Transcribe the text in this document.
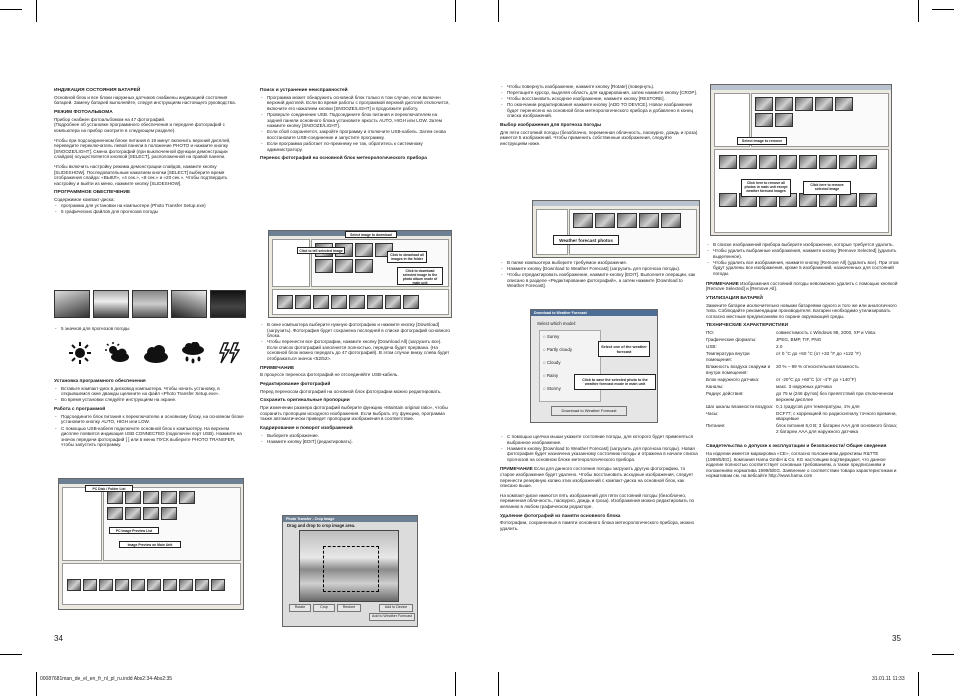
ИНДИКАЦИЯ СОСТОЯНИЯ БАТАРЕЙ

Основной блок и все блоки наружных датчиков снабжены индикацией состояния батарей. Замену батарей выполняйте, следуя инструкциям настоящего руководства.

РЕЖИМ ФОТОАЛЬБОМА

Прибор снабжен фотоальбомом на 47 фотографий.
(Подробнее об установке программного обеспечения и передаче фотографий с компьютера на прибор смотрите в следующем разделе).

Чтобы при подсоединенном блоке питания в 19 минут включить верхний дисплей, переведите переключатель левой панели в положение PHOTO и нажмите кнопку [SNOOZE/LIGHT]. Смена фотографий (при выключенной функции демонстрации слайдов) осуществляется кнопкой [SELECT], расположенной на правой панели.

Чтобы включить настройку режима демонстрации слайдов, нажмите кнопку [SLIDESHOW]. Последовательным нажатием кнопки [SELECT] выберите время отображения слайда: «ВЫКЛ», «4 сек.», «8 сек.» и «20 сек.». Чтобы подтвердить настройку и выйти из меню, нажмите кнопку [SLIDESHOW].

ПРОГРАММНОЕ ОБЕСПЕЧЕНИЕ

Содержимое компакт-диска:

- программа для установки на компьютере (Photo Transfer Setup.exe)
- 5 графических файлов для прогнозов погоды
- 5 значков для прогнозов погоды
Установка программного обеспечения
- Вставьте компакт-диск в дисковод компьютера. Чтобы начать установку, в открывшемся окне дважды щелкните на файл «Photo Transfer Setup.exe».
- Во время установки следуйте инструкциям на экране.
Работа с программой
- Подсоедините блок питания к переключателю и основному блоку, на основном блоке установите кнопку AUTO, HIGH или LOW.
- С помощью USB-кабеля подключите основной блок к компьютеру. На верхнем дисплее появится индикация USB CONNECTED (подключен порт USB). Нажмите на значок передачи фотографий [ ] или в меню ПУСК выберите PHOTO TRANSFER, чтобы запустить программу.
PC Disk / Folder List
PC Image Preview List
Image Preview on Main Unit
Поиск и устранение неисправностей
- Программа может обнаружить основной блок только в том случае, если включен верхний дисплей. Если во время работы с программой верхний дисплей отключится, включите его нажатием кнопки [SNOOZE/LIGHT] и продолжите работу.
- Проверьте соединение USB. Подсоедините блок питания и переключателем на задней панели основного блока установите яркость AUTO, HIGH или LOW. Затем нажмите кнопку [SNOOZE/LIGHT].
- Если сбой сохраняется, закройте программу и отключите USB-кабель. Затем снова восстановите USB-соединение и запустите программу.
- Если программа работает по-прежнему не так, обратитесь к системному администратору.
Перенос фотографий на основной блок метеорологического прибора
Select image to download
Click to download all images in the folder
Click to tell selected image
Click to download selected image to the photo album mode of main unit
- В окне компьютера выберите нужную фотографию и нажмите кнопку [Download] (загрузить). Фотография будет сохранена последней в списке фотографий основного блока.
- Чтобы перенести все фотографии, нажмите кнопку [Download All] (загрузить все). Если список фотографий заполнится полностью, передача будет прервана. (На основной блок можно передать до 47 фотографий). В этом случае внизу слева будет отображаться значок <52/52>.
ПРИМЕЧАНИЕ

В процессе переноса фотографий не отсоединяйте USB-кабель.

Редактирование фотографий

Перед переносом фотографий на основной блок фотографии можно редактировать.

Сохранить оригинальные пропорции

При изменении размера фотографий выберите функцию «Maintain original ratio», чтобы сохранить пропорции исходного изображения. Если выбрать эту функцию, программа также автоматически приведет пропорции изображения в соответствие.

Кадрирование и поворот изображений
- Выберите изображение.
- Нажмите кнопку [EDIT] (редактировать).
Photo Transfer - Crop Image
Drag and drop to crop image area.
Rotate	Crop	Restore	Add to Device
Add to Weather Forecast
34
- Чтобы повернуть изображение, нажмите кнопку [Rotate] (повернуть).
- Перетащите курсор, выделяя область для кадрирования, затем нажмите кнопку [CROP].
- Чтобы восстановить исходное изображение, нажмите кнопку [RESTORE].
- По окончании редактирования нажмите кнопку [ADD TO DEVICE]. Новое изображение будет перенесено на основной блок метеорологического прибора и добавлено в конец списка изображений.
Выбор изображения для прогноза погоды

Для пяти состояний погоды (безоблачно, переменная облачность, пасмурно, дождь и гроза) имеется 5 изображений. Чтобы применить собственные изображения, следуйте инструкциям ниже.

Weather forecast photos
- В папке компьютера выберите требуемое изображение.
- Нажмите кнопку [Download to Weather Forecast] (загрузить для прогноза погоды).
- Чтобы отредактировать изображение, нажмите кнопку [EDIT]. Выполните операции, как описано в разделе «Редактирование фотографий», а затем нажмите [Download to Weather Forecast].
Download to Weather Forecast
Select which model:
○ Sunny
○ Partly cloudy
○ Cloudy
○ Rainy
○ Stormy
Download to Weather Forecast
Select one of the weather forecast
Click to save the selected photo to the weather forecast mode in main unit
- С помощью щелчка мыши укажите состояние погоды, для которого будет применяться выбранное изображение.
- Нажмите кнопку [Download to Weather Forecast] (загрузить для прогноза погоды). Новая фотография будет назначена указанному состоянию погоды и отражена в начале списка прогнозов на основном блоке метеорологического прибора.

ПРИМЕЧАНИЕ Если для данного состояния погоды загрузить другую фотографию, то старое изображение будет удалено. Чтобы восстановить исходные изображения, следует перенести резервную копию этих изображений с компакт-диска на основной блок, как описано выше.

На компакт-диске имеются пять изображений для пяти состояний погоды (безоблачно, переменная облачность, пасмурно, дождь и гроза). Изображения можно редактировать по желанию в любом графическом редакторе.

Удаление фотографий из памяти основного блока

Фотографии, сохраненные в памяти основного блока метеорологического прибора, можно удалить.

Select image to remove
Click here to remove all photos in main unit except weather forecast images
Click here to remove selected image
- В списке изображений прибора выберите изображение, которые требуется удалить.
- Чтобы удалить выбранные изображения, нажмите кнопку [Remove Selected] (удалить выделенное).
- Чтобы удалить все изображения, нажмите кнопку [Remove All] (удалить все). При этом будут удалены все изображения, кроме 5 изображений, назначенных для состояний погоды.

ПРИМЕЧАНИЕ Изображения состояний погоды невозможно удалить с помощью кнопкой [Remove Selected] и [Remove All].

УТИЛИЗАЦИЯ БАТАРЕЙ

Замените батареи исключительно новыми батареями одного и того же или аналогичного типа. Соблюдайте рекомендации производителя. Батареи необходимо утилизировать согласно местным предписаниям по охране окружающей среды.

ТЕХНИЧЕСКИЕ ХАРАКТЕРИСТИКИ
ПО:	совместимость с Windows 98, 2000, XP и Vista.
Графические форматы:	JPEG, BMP, TIF, PNG
USB:	2.0
Температура внутри помещения:	от 0 °C до +50 °C (от +32 °F до +122 °F)
Влажность воздуха снаружи и внутри помещения:	20 % – 99 % относительная влажность
Блок наружного датчика:	от -20°C до +60°C (от -4°F до +140°F)
Каналы:	макс. 3 наружных датчика
Радиус действия:	до 75 м (246 футов) без препятствий при отключенном верхнем дисплее
Шаг шкалы влажности воздуха:	0,1 градусов для температуры, 1% для
Часы:	DCF77; с коррекцией по радиосигналу точного времени, кварцевые
Питание:	блок питания 6,0 В; 3 батареи AAA для основного блока; 2 батареи AAA для наружного датчика
Свидетельства о допуске к эксплуатации и безопасности/ Общие сведения

На изделии имеется маркировка «CE», согласно положениям директивы R&TTE (1999/5/EG). Компания Hama GmbH & Co. KG настоящим подтверждает, что данное изделие полностью соответствует основным требованиям, а также предписаниям и положениям норматива 1999/5/EG. Заявление о соответствии товара характеристикам и нормативам см. на вебсайте http://www.hama.com

35
00087681man_de_el_en_fr_nl_pl_ru.indd Abs2:34-Abs2:35	31.01.11 11:33
